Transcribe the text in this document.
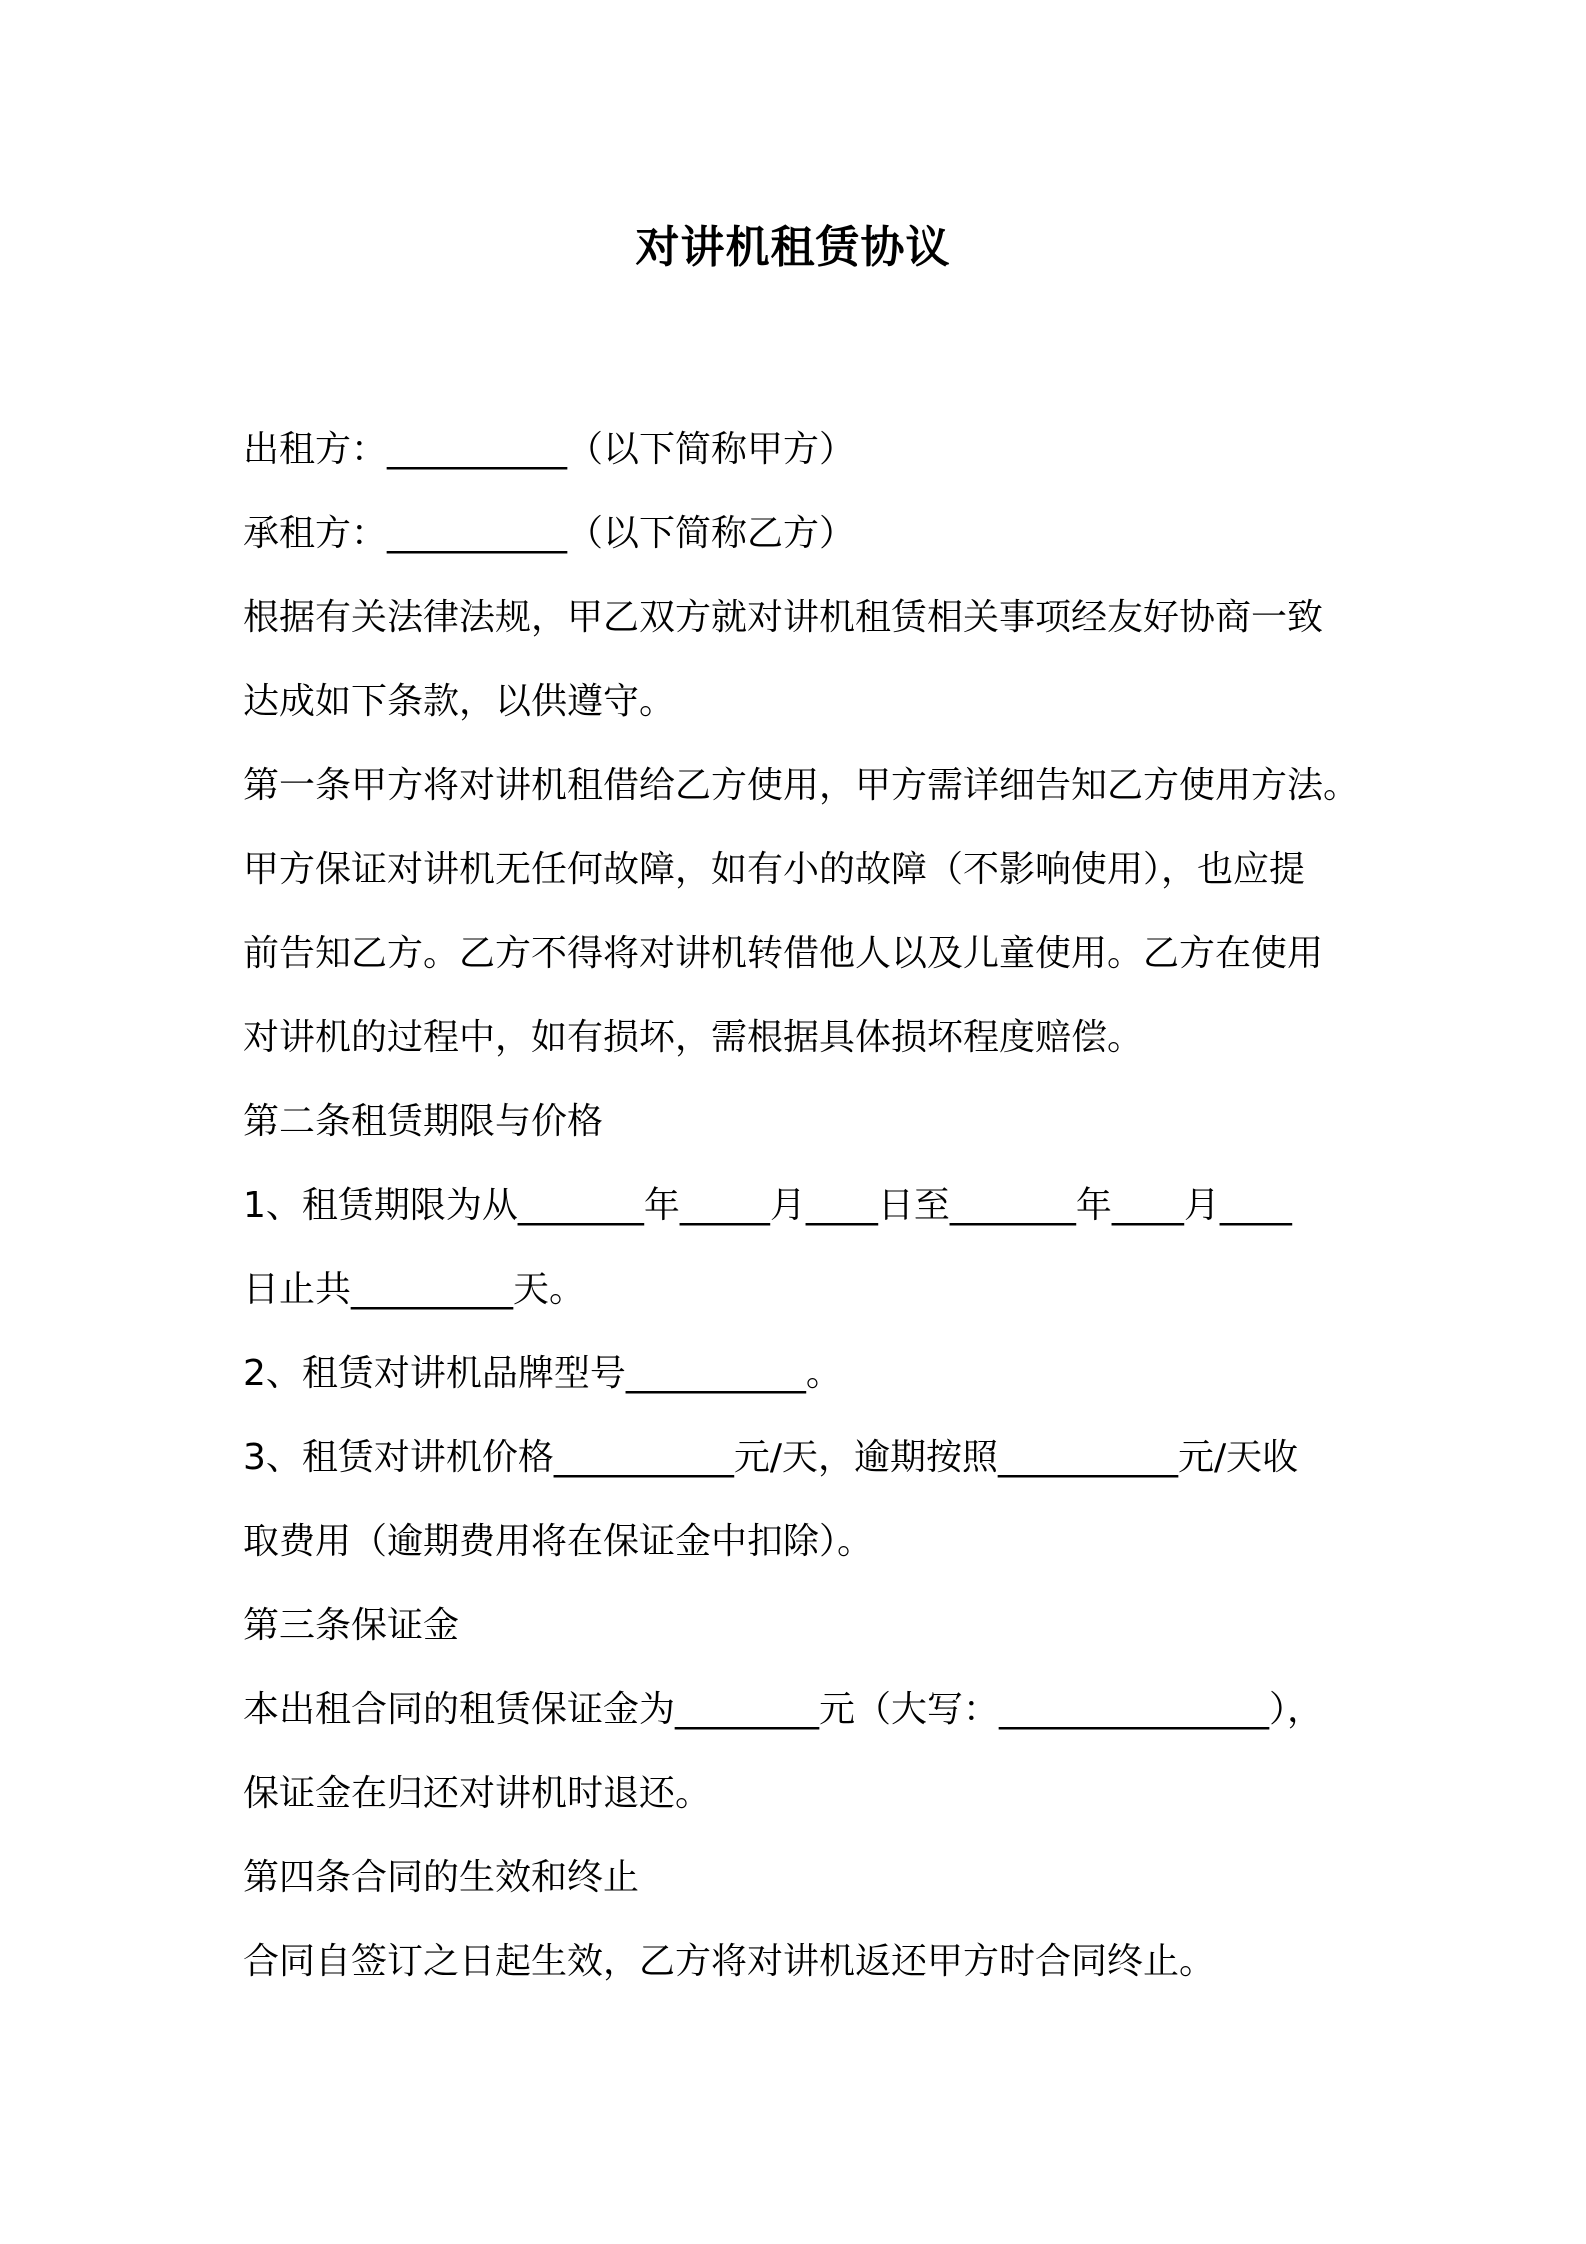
对讲机租赁协议

出租方：__________（以下简称甲方）

承租方：__________（以下简称乙方）

根据有关法律法规，甲乙双方就对讲机租赁相关事项经友好协商一致

达成如下条款，以供遵守。

第一条甲方将对讲机租借给乙方使用，甲方需详细告知乙方使用方法。

甲方保证对讲机无任何故障，如有小的故障（不影响使用），也应提

前告知乙方。乙方不得将对讲机转借他人以及儿童使用。乙方在使用

对讲机的过程中，如有损坏，需根据具体损坏程度赔偿。

第二条租赁期限与价格

1、租赁期限为从_______年_____月____日至_______年____月____

日止共_________天。

2、租赁对讲机品牌型号__________。

3、租赁对讲机价格__________元/天，逾期按照__________元/天收

取费用（逾期费用将在保证金中扣除）。

第三条保证金

本出租合同的租赁保证金为________元（大写：_______________），

保证金在归还对讲机时退还。

第四条合同的生效和终止

合同自签订之日起生效，乙方将对讲机返还甲方时合同终止。
